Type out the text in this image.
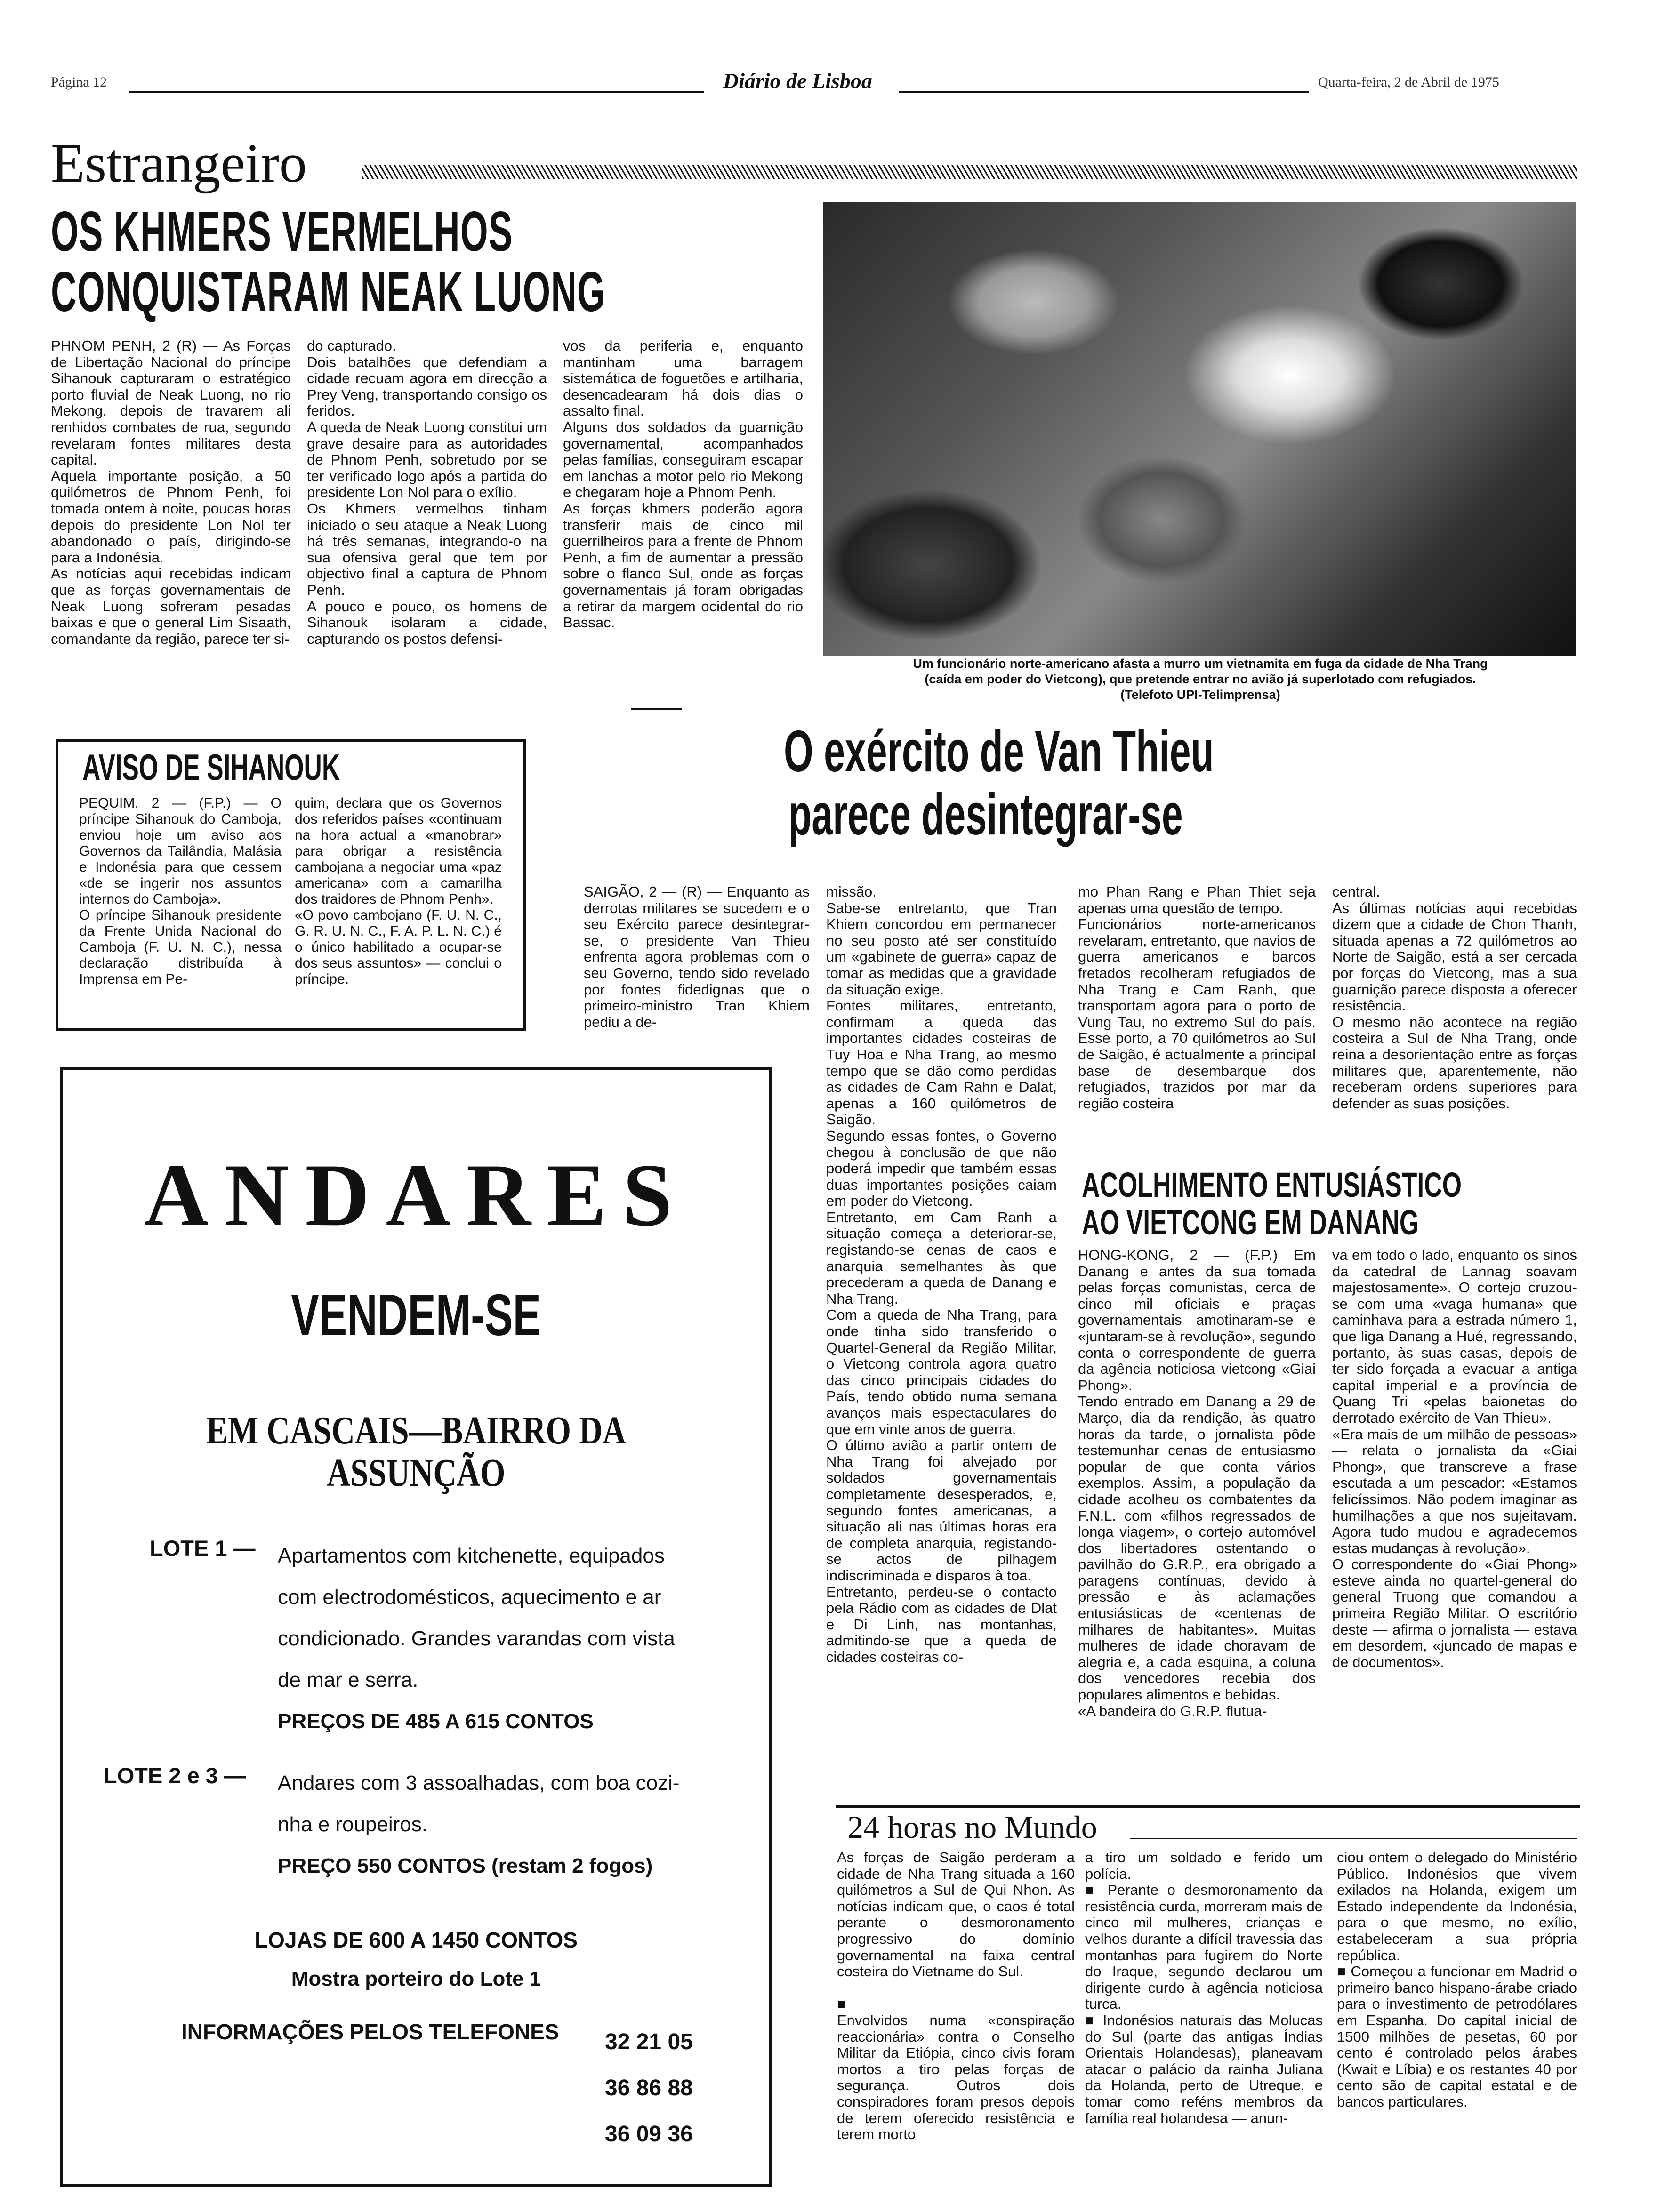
Página 12	Diário de Lisboa	Quarta-feira, 2 de Abril de 1975
Estrangeiro
OS KHMERS VERMELHOS
CONQUISTARAM NEAK LUONG
PHNOM PENH, 2 (R) — As Forças de Libertação Nacional do príncipe Sihanouk capturaram o estratégico porto fluvial de Neak Luong, no rio Mekong, depois de travarem ali renhidos combates de rua, segundo revelaram fontes militares desta capital.
Aquela importante posição, a 50 quilómetros de Phnom Penh, foi tomada ontem à noite, poucas horas depois do presidente Lon Nol ter abandonado o país, dirigindo-se para a Indonésia.
As notícias aqui recebidas indicam que as forças governamentais de Neak Luong sofreram pesadas baixas e que o general Lim Sisaath, comandante da região, parece ter si-
do capturado.
Dois batalhões que defendiam a cidade recuam agora em direcção a Prey Veng, transportando consigo os feridos.
A queda de Neak Luong constitui um grave desaire para as autoridades de Phnom Penh, sobretudo por se ter verificado logo após a partida do presidente Lon Nol para o exílio.
Os Khmers vermelhos tinham iniciado o seu ataque a Neak Luong há três semanas, integrando-o na sua ofensiva geral que tem por objectivo final a captura de Phnom Penh.
A pouco e pouco, os homens de Sihanouk isolaram a cidade, capturando os postos defensi-
vos da periferia e, enquanto mantinham uma barragem sistemática de foguetões e artilharia, desencadearam há dois dias o assalto final.
Alguns dos soldados da guarnição governamental, acompanhados pelas famílias, conseguiram escapar em lanchas a motor pelo rio Mekong e chegaram hoje a Phnom Penh.
As forças khmers poderão agora transferir mais de cinco mil guerrilheiros para a frente de Phnom Penh, a fim de aumentar a pressão sobre o flanco Sul, onde as forças governamentais já foram obrigadas a retirar da margem ocidental do rio Bassac.
Um funcionário norte-americano afasta a murro um vietnamita em fuga da cidade de Nha Trang
(caída em poder do Vietcong), que pretende entrar no avião já superlotado com refugiados.
(Telefoto UPI-Telimprensa)
AVISO DE SIHANOUK
PEQUIM, 2 — (F.P.) — O príncipe Sihanouk do Camboja, enviou hoje um aviso aos Governos da Tailândia, Malásia e Indonésia para que cessem «de se ingerir nos assuntos internos do Camboja».
O príncipe Sihanouk presidente da Frente Unida Nacional do Camboja (F. U. N. C.), nessa declaração distribuída à Imprensa em Pe-
quim, declara que os Governos dos referidos países «continuam na hora actual a «manobrar» para obrigar a resistência cambojana a negociar uma «paz americana» com a camarilha dos traidores de Phnom Penh».
«O povo cambojano (F. U. N. C., G. R. U. N. C., F. A. P. L. N. C.) é o único habilitado a ocupar-se dos seus assuntos» — conclui o príncipe.
O exército de Van Thieu
parece desintegrar-se
SAIGÃO, 2 — (R) — Enquanto as derrotas militares se sucedem e o seu Exército parece desintegrar-se, o presidente Van Thieu enfrenta agora problemas com o seu Governo, tendo sido revelado por fontes fidedignas que o primeiro-ministro Tran Khiem pediu a de-
missão.
Sabe-se entretanto, que Tran Khiem concordou em permanecer no seu posto até ser constituído um «gabinete de guerra» capaz de tomar as medidas que a gravidade da situação exige.
Fontes militares, entretanto, confirmam a queda das importantes cidades costeiras de Tuy Hoa e Nha Trang, ao mesmo tempo que se dão como perdidas as cidades de Cam Rahn e Dalat, apenas a 160 quilómetros de Saigão.
Segundo essas fontes, o Governo chegou à conclusão de que não poderá impedir que também essas duas importantes posições caiam em poder do Vietcong.
Entretanto, em Cam Ranh a situação começa a deteriorar-se, registando-se cenas de caos e anarquia semelhantes às que precederam a queda de Danang e Nha Trang.
Com a queda de Nha Trang, para onde tinha sido transferido o Quartel-General da Região Militar, o Vietcong controla agora quatro das cinco principais cidades do País, tendo obtido numa semana avanços mais espectaculares do que em vinte anos de guerra.
O último avião a partir ontem de Nha Trang foi alvejado por soldados governamentais completamente desesperados, e, segundo fontes americanas, a situação ali nas últimas horas era de completa anarquia, registando-se actos de pilhagem indiscriminada e disparos à toa.
Entretanto, perdeu-se o contacto pela Rádio com as cidades de Dlat e Di Linh, nas montanhas, admitindo-se que a queda de cidades costeiras co-
mo Phan Rang e Phan Thiet seja apenas uma questão de tempo.
Funcionários norte-americanos revelaram, entretanto, que navios de guerra americanos e barcos fretados recolheram refugiados de Nha Trang e Cam Ranh, que transportam agora para o porto de Vung Tau, no extremo Sul do país. Esse porto, a 70 quilómetros ao Sul de Saigão, é actualmente a principal base de desembarque dos refugiados, trazidos por mar da região costeira
central.
As últimas notícias aqui recebidas dizem que a cidade de Chon Thanh, situada apenas a 72 quilómetros ao Norte de Saigão, está a ser cercada por forças do Vietcong, mas a sua guarnição parece disposta a oferecer resistência.
O mesmo não acontece na região costeira a Sul de Nha Trang, onde reina a desorientação entre as forças militares que, aparentemente, não receberam ordens superiores para defender as suas posições.
ACOLHIMENTO ENTUSIÁSTICO
AO VIETCONG EM DANANG
HONG-KONG, 2 — (F.P.) Em Danang e antes da sua tomada pelas forças comunistas, cerca de cinco mil oficiais e praças governamentais amotinaram-se e «juntaram-se à revolução», segundo conta o correspondente de guerra da agência noticiosa vietcong «Giai Phong».
Tendo entrado em Danang a 29 de Março, dia da rendição, às quatro horas da tarde, o jornalista pôde testemunhar cenas de entusiasmo popular de que conta vários exemplos. Assim, a população da cidade acolheu os combatentes da F.N.L. com «filhos regressados de longa viagem», o cortejo automóvel dos libertadores ostentando o pavilhão do G.R.P., era obrigado a paragens contínuas, devido à pressão e às aclamações entusiásticas de «centenas de milhares de habitantes». Muitas mulheres de idade choravam de alegria e, a cada esquina, a coluna dos vencedores recebia dos populares alimentos e bebidas.
«A bandeira do G.R.P. flutua-
va em todo o lado, enquanto os sinos da catedral de Lannag soavam majestosamente». O cortejo cruzou-se com uma «vaga humana» que caminhava para a estrada número 1, que liga Danang a Hué, regressando, portanto, às suas casas, depois de ter sido forçada a evacuar a antiga capital imperial e a província de Quang Tri «pelas baionetas do derrotado exército de Van Thieu».
«Era mais de um milhão de pessoas» — relata o jornalista da «Giai Phong», que transcreve a frase escutada a um pescador: «Estamos felicíssimos. Não podem imaginar as humilhações a que nos sujeitavam. Agora tudo mudou e agradecemos estas mudanças à revolução».
O correspondente do «Giai Phong» esteve ainda no quartel-general do general Truong que comandou a primeira Região Militar. O escritório deste — afirma o jornalista — estava em desordem, «juncado de mapas e de documentos».
24 horas no Mundo
As forças de Saigão perderam a cidade de Nha Trang situada a 160 quilómetros a Sul de Qui Nhon. As notícias indicam que, o caos é total perante o desmoronamento progressivo do domínio governamental na faixa central costeira do Vietname do Sul.

■
Envolvidos numa «conspiração reaccionária» contra o Conselho Militar da Etiópia, cinco civis foram mortos a tiro pelas forças de segurança. Outros dois conspiradores foram presos depois de terem oferecido resistência e terem morto
a tiro um soldado e ferido um polícia.
■ Perante o desmoronamento da resistência curda, morreram mais de cinco mil mulheres, crianças e velhos durante a difícil travessia das montanhas para fugirem do Norte do Iraque, segundo declarou um dirigente curdo à agência noticiosa turca.
■ Indonésios naturais das Molucas do Sul (parte das antigas Índias Orientais Holandesas), planeavam atacar o palácio da rainha Juliana da Holanda, perto de Utreque, e tomar como reféns membros da família real holandesa — anun-
ciou ontem o delegado do Ministério Público. Indonésios que vivem exilados na Holanda, exigem um Estado independente da Indonésia, para o que mesmo, no exílio, estabeleceram a sua própria república.
■ Começou a funcionar em Madrid o primeiro banco hispano-árabe criado para o investimento de petrodólares em Espanha. Do capital inicial de 1500 milhões de pesetas, 60 por cento é controlado pelos árabes (Kwait e Líbia) e os restantes 40 por cento são de capital estatal e de bancos particulares.
ANDARES
VENDEM-SE
EM CASCAIS—BAIRRO DA ASSUNÇÃO
LOTE 1 — Apartamentos com kitchenette, equipados
com electrodomésticos, aquecimento e ar
condicionado. Grandes varandas com vista
de mar e serra.
PREÇOS DE 485 A 615 CONTOS
LOTE 2 e 3 — Andares com 3 assoalhadas, com boa cozi-
nha e roupeiros.
PREÇO 550 CONTOS (restam 2 fogos)
LOJAS DE 600 A 1450 CONTOS
Mostra porteiro do Lote 1
INFORMAÇÕES PELOS TELEFONES 32 21 05
36 86 88
36 09 36
